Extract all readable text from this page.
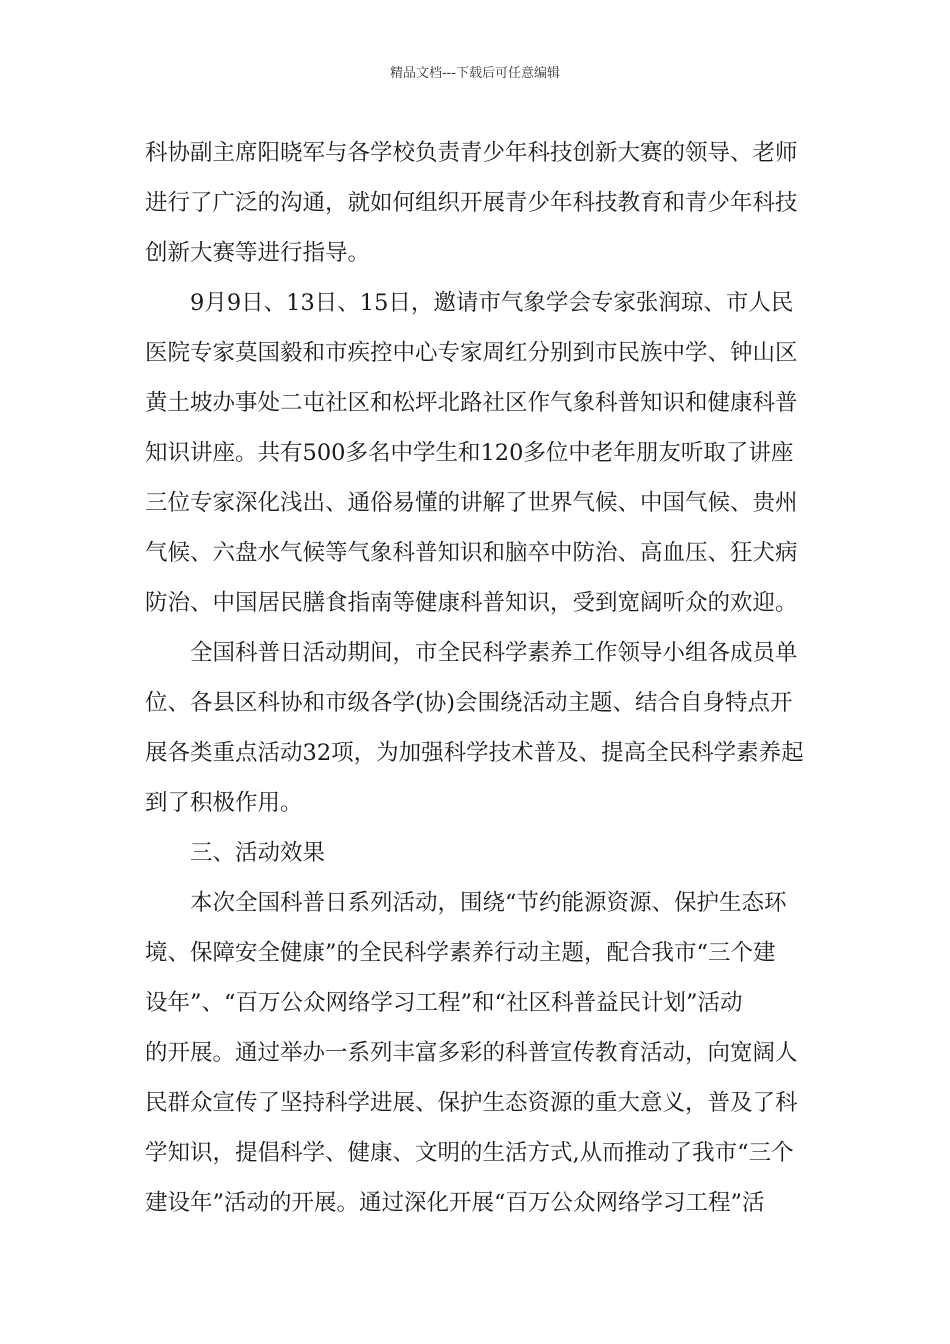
精品文档---下载后可任意编辑
科协副主席阳晓军与各学校负责青少年科技创新大赛的领导、老师
进行了广泛的沟通，就如何组织开展青少年科技教育和青少年科技
创新大赛等进行指导。
9月9日、13日、15日，邀请市气象学会专家张润琼、市人民
医院专家莫国毅和市疾控中心专家周红分别到市民族中学、钟山区
黄土坡办事处二屯社区和松坪北路社区作气象科普知识和健康科普
知识讲座。共有500多名中学生和120多位中老年朋友听取了讲座
三位专家深化浅出、通俗易懂的讲解了世界气候、中国气候、贵州
气候、六盘水气候等气象科普知识和脑卒中防治、高血压、狂犬病
防治、中国居民膳食指南等健康科普知识，受到宽阔听众的欢迎。
全国科普日活动期间，市全民科学素养工作领导小组各成员单
位、各县区科协和市级各学(协)会围绕活动主题、结合自身特点开
展各类重点活动32项，为加强科学技术普及、提高全民科学素养起
到了积极作用。
三、活动效果
本次全国科普日系列活动，围绕“节约能源资源、保护生态环
境、保障安全健康”的全民科学素养行动主题，配合我市“三个建
设年”、“百万公众网络学习工程”和“社区科普益民计划”活动
的开展。通过举办一系列丰富多彩的科普宣传教育活动，向宽阔人
民群众宣传了坚持科学进展、保护生态资源的重大意义，普及了科
学知识，提倡科学、健康、文明的生活方式,从而推动了我市“三个
建设年”活动的开展。通过深化开展“百万公众网络学习工程”活
